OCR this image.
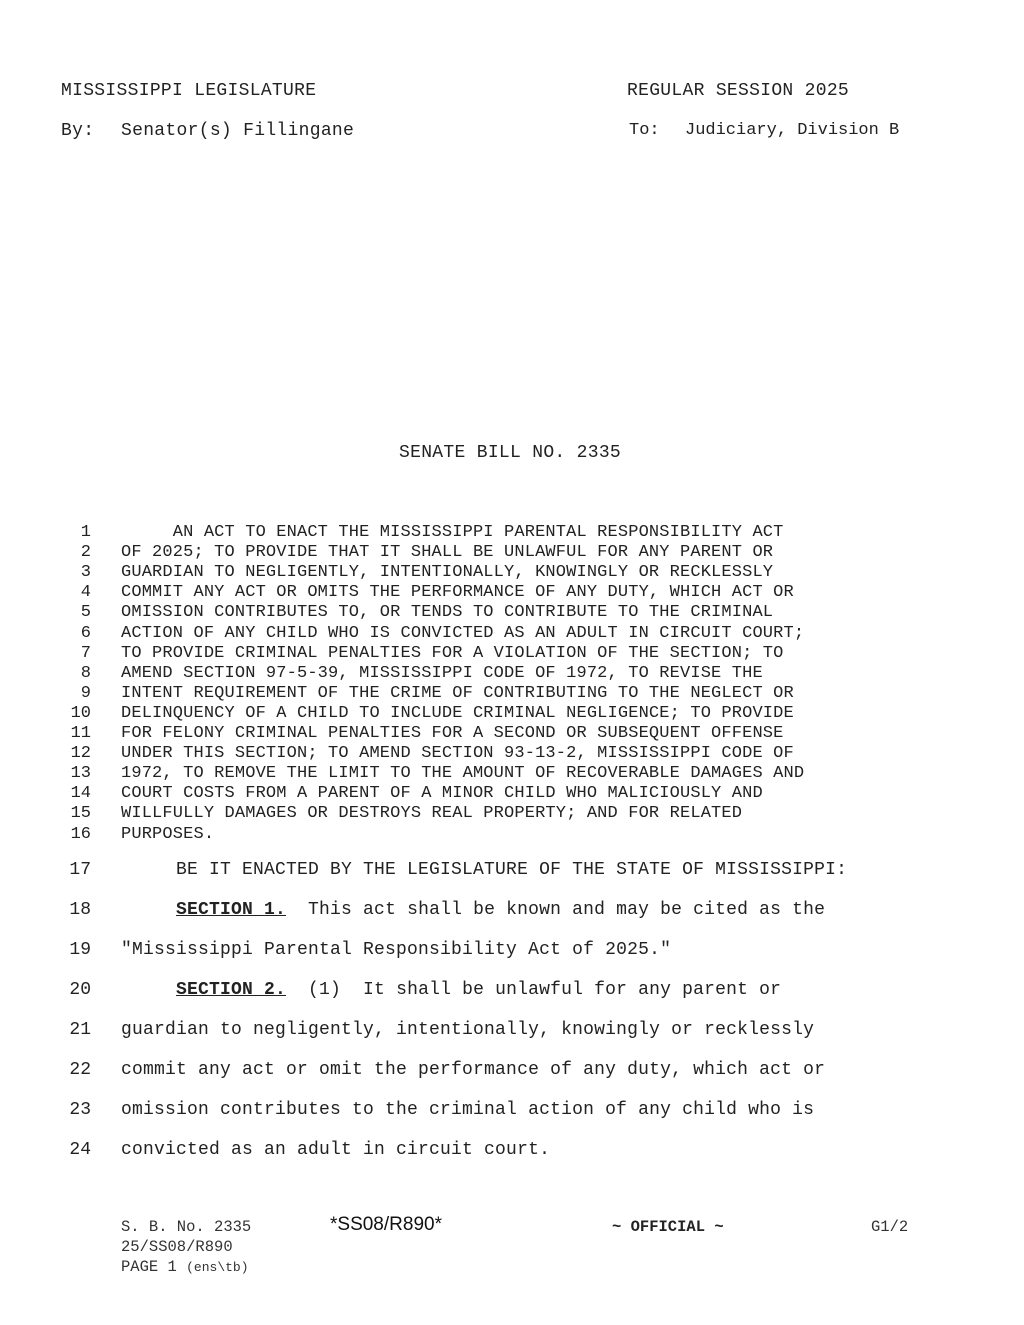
MISSISSIPPI LEGISLATURE	REGULAR SESSION 2025
By: Senator(s) Fillingane	To: Judiciary, Division B
SENATE BILL NO. 2335
1 AN ACT TO ENACT THE MISSISSIPPI PARENTAL RESPONSIBILITY ACT
2 OF 2025; TO PROVIDE THAT IT SHALL BE UNLAWFUL FOR ANY PARENT OR
3 GUARDIAN TO NEGLIGENTLY, INTENTIONALLY, KNOWINGLY OR RECKLESSLY
4 COMMIT ANY ACT OR OMITS THE PERFORMANCE OF ANY DUTY, WHICH ACT OR
5 OMISSION CONTRIBUTES TO, OR TENDS TO CONTRIBUTE TO THE CRIMINAL
6 ACTION OF ANY CHILD WHO IS CONVICTED AS AN ADULT IN CIRCUIT COURT;
7 TO PROVIDE CRIMINAL PENALTIES FOR A VIOLATION OF THE SECTION; TO
8 AMEND SECTION 97-5-39, MISSISSIPPI CODE OF 1972, TO REVISE THE
9 INTENT REQUIREMENT OF THE CRIME OF CONTRIBUTING TO THE NEGLECT OR
10 DELINQUENCY OF A CHILD TO INCLUDE CRIMINAL NEGLIGENCE; TO PROVIDE
11 FOR FELONY CRIMINAL PENALTIES FOR A SECOND OR SUBSEQUENT OFFENSE
12 UNDER THIS SECTION; TO AMEND SECTION 93-13-2, MISSISSIPPI CODE OF
13 1972, TO REMOVE THE LIMIT TO THE AMOUNT OF RECOVERABLE DAMAGES AND
14 COURT COSTS FROM A PARENT OF A MINOR CHILD WHO MALICIOUSLY AND
15 WILLFULLY DAMAGES OR DESTROYS REAL PROPERTY; AND FOR RELATED
16 PURPOSES.
17 BE IT ENACTED BY THE LEGISLATURE OF THE STATE OF MISSISSIPPI:
18	SECTION 1.  This act shall be known and may be cited as the
19 "Mississippi Parental Responsibility Act of 2025."
20	SECTION 2.  (1)  It shall be unlawful for any parent or
21 guardian to negligently, intentionally, knowingly or recklessly
22 commit any act or omit the performance of any duty, which act or
23 omission contributes to the criminal action of any child who is
24 convicted as an adult in circuit court.
S. B. No. 2335	*SS08/R890*	~ OFFICIAL ~	G1/2
25/SS08/R890
PAGE 1 (ens\tb)
